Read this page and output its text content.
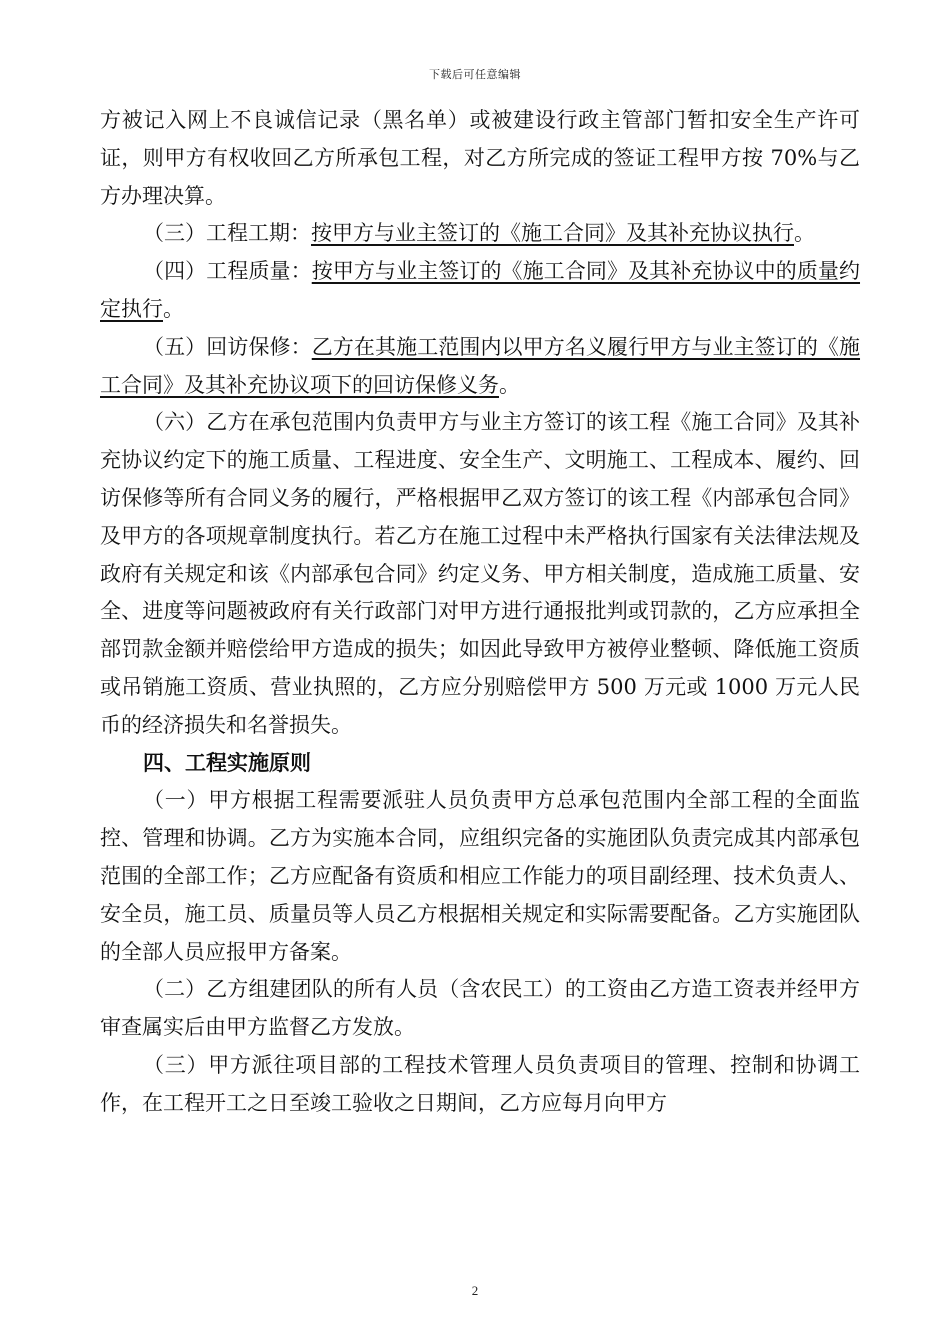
下载后可任意编辑

方被记入网上不良诚信记录（黑名单）或被建设行政主管部门暂扣安全生产许可证，则甲方有权收回乙方所承包工程，对乙方所完成的签证工程甲方按 70%与乙方办理决算。

（三）工程工期：按甲方与业主签订的《施工合同》及其补充协议执行。

（四）工程质量：按甲方与业主签订的《施工合同》及其补充协议中的质量约定执行。

（五）回访保修：乙方在其施工范围内以甲方名义履行甲方与业主签订的《施工合同》及其补充协议项下的回访保修义务。

（六）乙方在承包范围内负责甲方与业主方签订的该工程《施工合同》及其补充协议约定下的施工质量、工程进度、安全生产、文明施工、工程成本、履约、回访保修等所有合同义务的履行，严格根据甲乙双方签订的该工程《内部承包合同》及甲方的各项规章制度执行。若乙方在施工过程中未严格执行国家有关法律法规及政府有关规定和该《内部承包合同》约定义务、甲方相关制度，造成施工质量、安全、进度等问题被政府有关行政部门对甲方进行通报批判或罚款的，乙方应承担全部罚款金额并赔偿给甲方造成的损失；如因此导致甲方被停业整顿、降低施工资质或吊销施工资质、营业执照的，乙方应分别赔偿甲方 500 万元或 1000 万元人民币的经济损失和名誉损失。

四、工程实施原则

（一）甲方根据工程需要派驻人员负责甲方总承包范围内全部工程的全面监控、管理和协调。乙方为实施本合同，应组织完备的实施团队负责完成其内部承包范围的全部工作；乙方应配备有资质和相应工作能力的项目副经理、技术负责人、安全员，施工员、质量员等人员乙方根据相关规定和实际需要配备。乙方实施团队的全部人员应报甲方备案。

（二）乙方组建团队的所有人员（含农民工）的工资由乙方造工资表并经甲方审查属实后由甲方监督乙方发放。

（三）甲方派往项目部的工程技术管理人员负责项目的管理、控制和协调工作，在工程开工之日至竣工验收之日期间，乙方应每月向甲方

2
